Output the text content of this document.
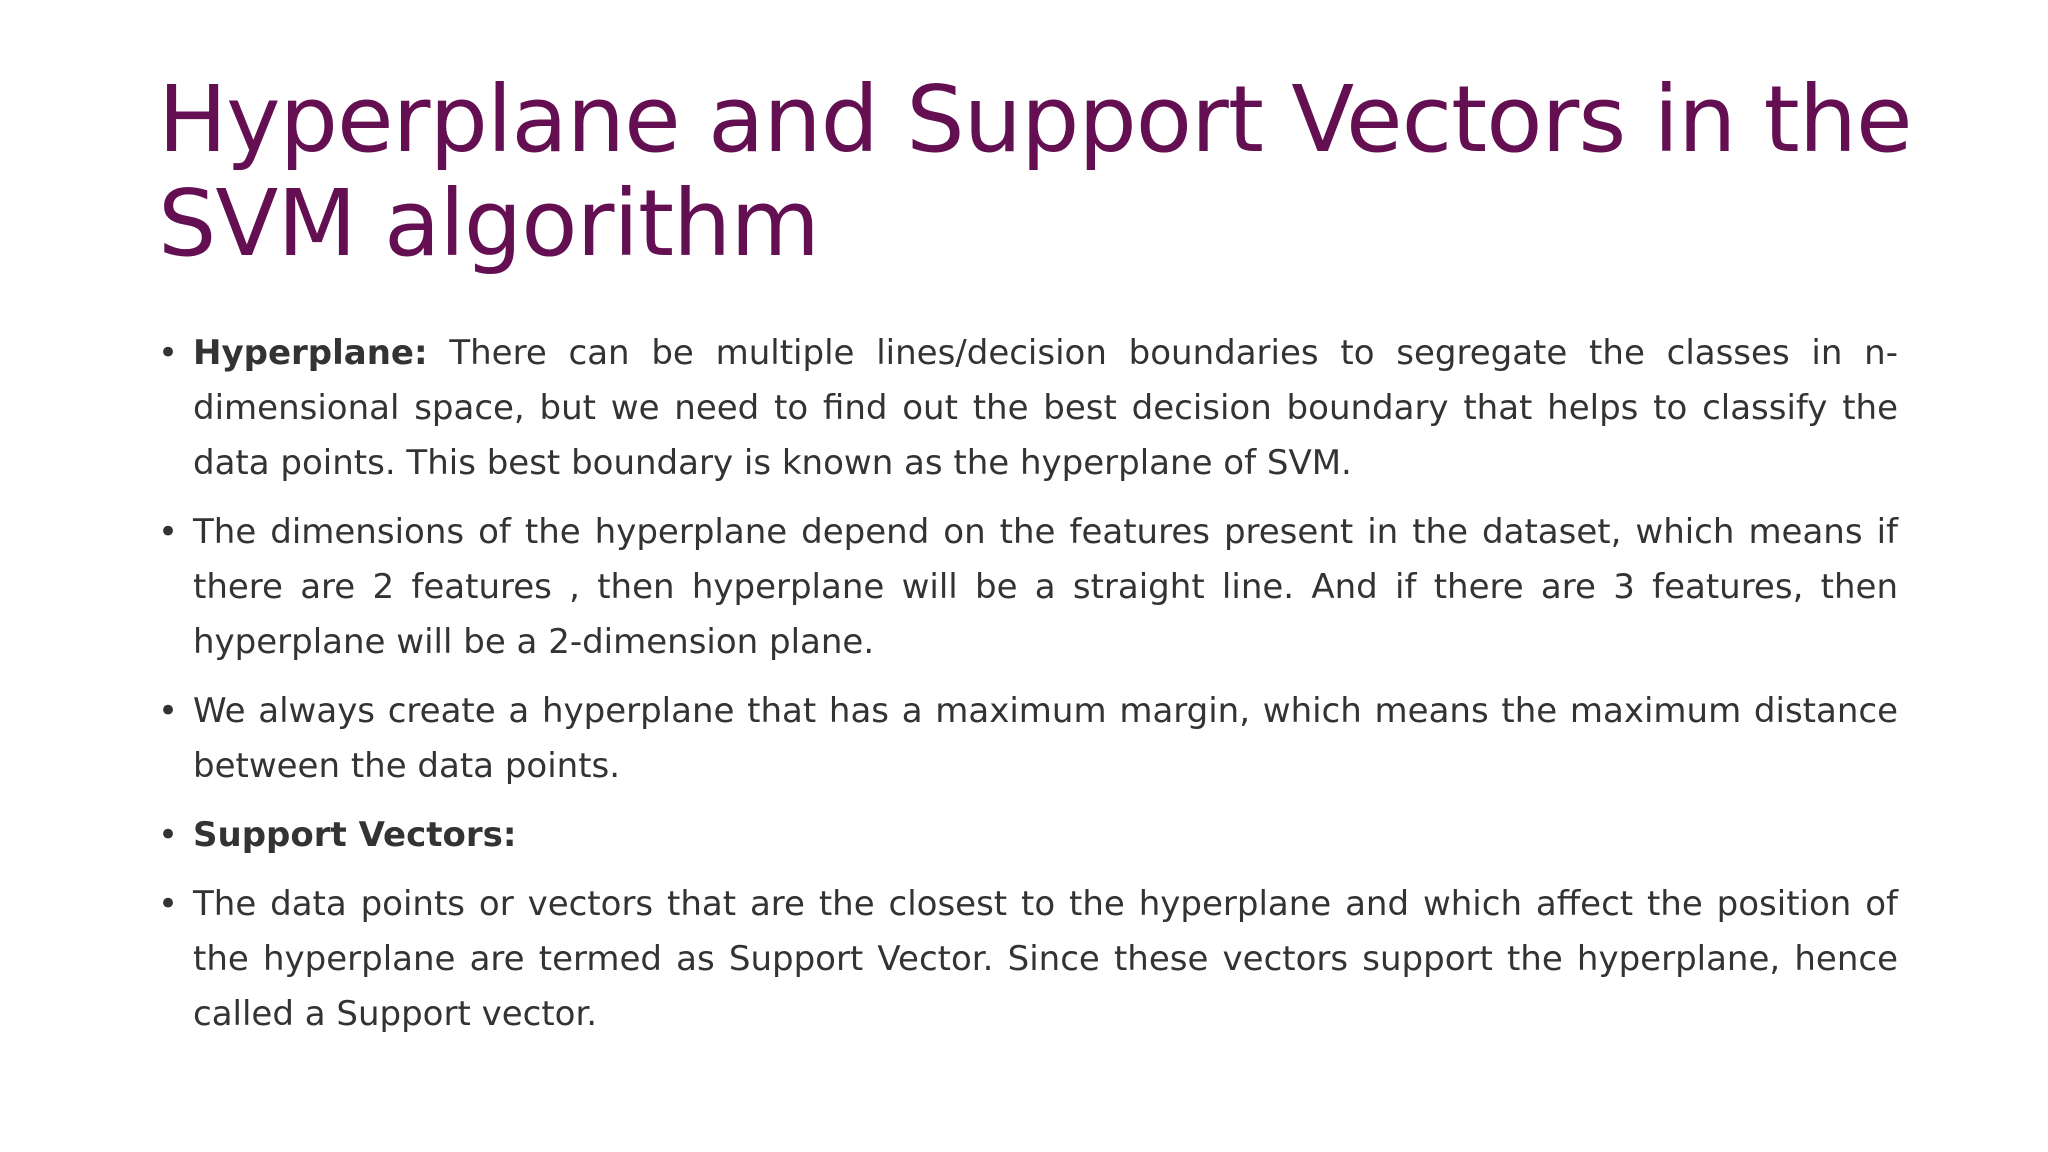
Hyperplane and Support Vectors in the SVM algorithm
• Hyperplane: There can be multiple lines/decision boundaries to segregate the classes in n-dimensional space, but we need to find out the best decision boundary that helps to classify the data points. This best boundary is known as the hyperplane of SVM.
• The dimensions of the hyperplane depend on the features present in the dataset, which means if there are 2 features , then hyperplane will be a straight line. And if there are 3 features, then hyperplane will be a 2-dimension plane.
• We always create a hyperplane that has a maximum margin, which means the maximum distance between the data points.
• Support Vectors:
• The data points or vectors that are the closest to the hyperplane and which affect the position of the hyperplane are termed as Support Vector. Since these vectors support the hyperplane, hence called a Support vector.
